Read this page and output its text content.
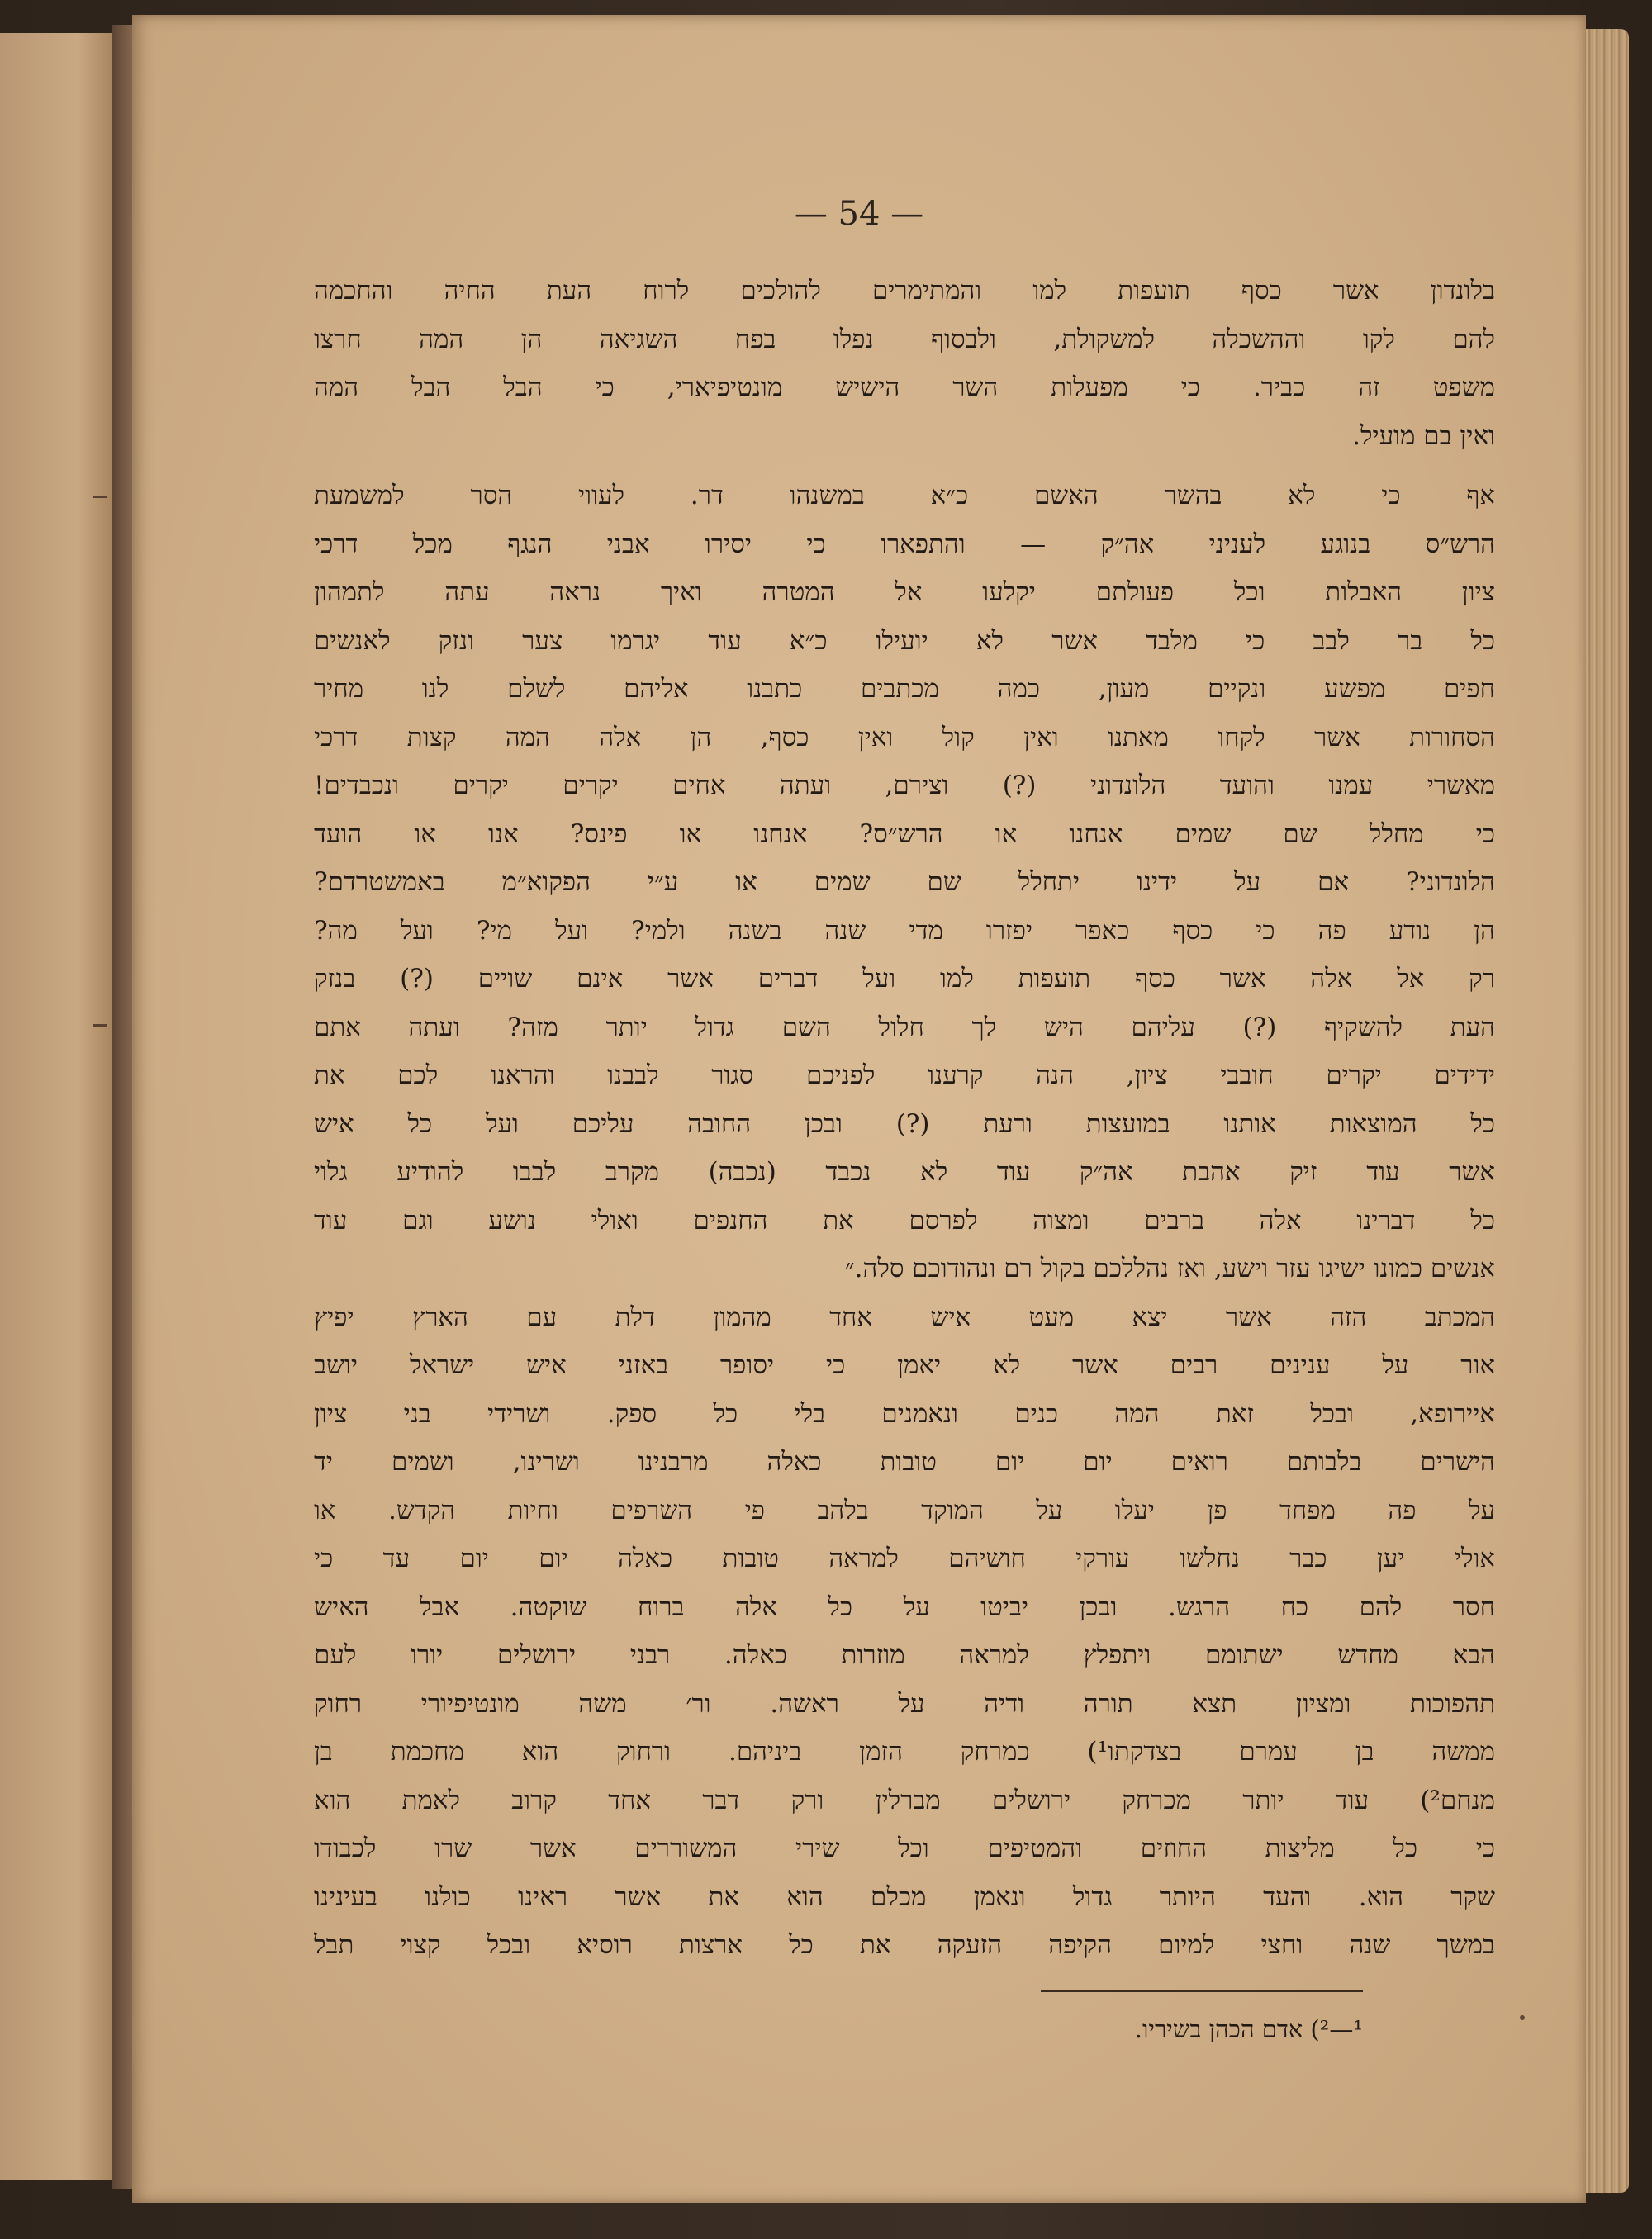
— 54 —
בלונדון אשר כסף תועפות למו והמתימרים להולכים לרוח העת החיה והחכמה
להם לקו וההשכלה למשקולת, ולבסוף נפלו בפח השגיאה הן המה חרצו
משפט זה כביר. כי מפעלות השר הישיש מונטיפיארי, כי הבל הבל המה
ואין בם מועיל.
אף כי לא בהשר האשם כ״א במשנהו דר. לעווי הסר למשמעת
הרש״ס בנוגע לעניני אה״ק — והתפארו כי יסירו אבני הנגף מכל דרכי
ציון האבלות וכל פעולתם יקלעו אל המטרה ואיך נראה עתה לתמהון
כל בר לבב כי מלבד אשר לא יועילו כ״א עוד יגרמו צער ונזק לאנשים
חפים מפשע ונקיים מעון, כמה מכתבים כתבנו אליהם לשלם לנו מחיר
הסחורות אשר לקחו מאתנו ואין קול ואין כסף, הן אלה המה קצות דרכי
מאשרי עמנו והועד הלונדוני (?) וצירם, ועתה אחים יקרים יקרים ונכבדים!
כי מחלל שם שמים אנחנו או הרש״ס? אנחנו או פינס? אנו או הועד
הלונדוני? אם על ידינו יתחלל שם שמים או ע״י הפקוא״מ באמשטרדם?
הן נודע פה כי כסף כאפר יפזרו מדי שנה בשנה ולמי? ועל מי? ועל מה?
רק אל אלה אשר כסף תועפות למו ועל דברים אשר אינם שויים (?) בנזק
העת להשקיף (?) עליהם היש לך חלול השם גדול יותר מזה? ועתה אתם
ידידים יקרים חובבי ציון, הנה קרענו לפניכם סגור לבבנו והראנו לכם את
כל המוצאות אותנו במועצות ורעת (?) ובכן החובה עליכם ועל כל איש
אשר עוד זיק אהבת אה״ק עוד לא נכבד (נכבה) מקרב לבבו להודיע גלוי
כל דברינו אלה ברבים ומצוה לפרסם את החנפים ואולי נושע וגם עוד
אנשים כמונו ישיגו עזר וישע, ואז נהללכם בקול רם ונהודוכם סלה.״
המכתב הזה אשר יצא מעט איש אחד מהמון דלת עם הארץ יפיץ
אור על ענינים רבים אשר לא יאמן כי יסופר באזני איש ישראל יושב
איירופא, ובכל זאת המה כנים ונאמנים בלי כל ספק. ושרידי בני ציון
הישרים בלבותם רואים יום יום טובות כאלה מרבנינו ושרינו, ושמים יד
על פה מפחד פן יעלו על המוקד בלהב פי השרפים וחיות הקדש. או
אולי יען כבר נחלשו עורקי חושיהם למראה טובות כאלה יום יום עד כי
חסר להם כח הרגש. ובכן יביטו על כל אלה ברוח שוקטה. אבל האיש
הבא מחדש ישתומם ויתפלץ למראה מוזרות כאלה. רבני ירושלים יורו לעם
תהפוכות ומציון תצא תורה ודיה על ראשה. ור׳ משה מונטיפיורי רחוק
ממשה בן עמרם בצדקתו¹) כמרחק הזמן ביניהם. ורחוק הוא מחכמת בן
מנחם²) עוד יותר מכרחק ירושלים מברלין ורק דבר אחד קרוב לאמת הוא
כי כל מליצות החוזים והמטיפים וכל שירי המשוררים אשר שרו לכבודו
שקר הוא. והעד היותר גדול ונאמן מכלם הוא את אשר ראינו כולנו בעינינו
במשך שנה וחצי למיום הקיפה הזעקה את כל ארצות רוסיא ובכל קצוי תבל
¹—²) אדם הכהן בשיריו.
